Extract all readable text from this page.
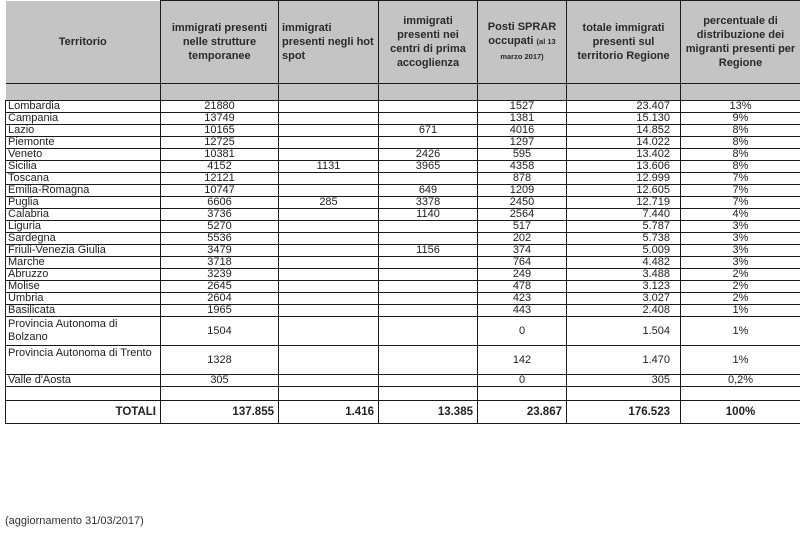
Territorio	immigrati presenti nelle strutture temporanee	immigrati presenti negli hot spot	immigrati presenti nei centri di prima accoglienza	Posti SPRAR occupati (al 13 marzo 2017)	totale immigrati presenti sul territorio Regione	percentuale di distribuzione dei migranti presenti per Regione

Lombardia	21880			1527	23.407	13%
Campania	13749			1381	15.130	9%
Lazio	10165		671	4016	14.852	8%
Piemonte	12725			1297	14.022	8%
Veneto	10381		2426	595	13.402	8%
Sicilia	4152	1131	3965	4358	13.606	8%
Toscana	12121			878	12.999	7%
Emilia-Romagna	10747		649	1209	12.605	7%
Puglia	6606	285	3378	2450	12.719	7%
Calabria	3736		1140	2564	7.440	4%
Liguria	5270			517	5.787	3%
Sardegna	5536			202	5.738	3%
Friuli-Venezia Giulia	3479		1156	374	5.009	3%
Marche	3718			764	4.482	3%
Abruzzo	3239			249	3.488	2%
Molise	2645			478	3.123	2%
Umbria	2604			423	3.027	2%
Basilicata	1965			443	2.408	1%
Provincia Autonoma di Bolzano	1504			0	1.504	1%
Provincia Autonoma di Trento	1328			142	1.470	1%
Valle d'Aosta	305			0	305	0,2%

TOTALI	137.855	1.416	13.385	23.867	176.523	100%
(aggiornamento 31/03/2017)
